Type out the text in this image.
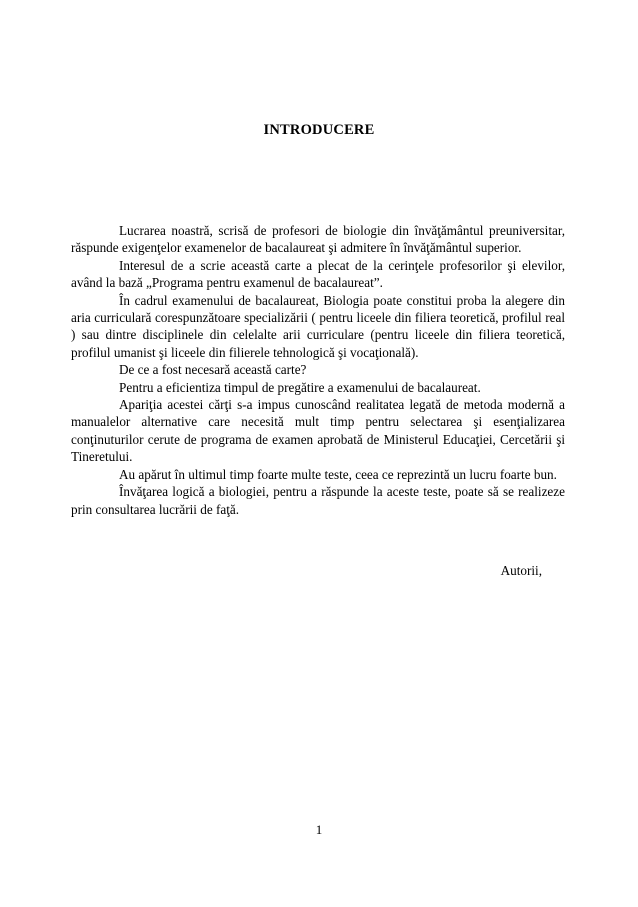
INTRODUCERE

Lucrarea noastră, scrisă de profesori de biologie din învăţământul preuniversitar, răspunde exigenţelor examenelor de bacalaureat şi admitere în învăţământul superior.

Interesul de a scrie această carte a plecat de la cerinţele profesorilor şi elevilor, având la bază „Programa pentru examenul de bacalaureat”.

În cadrul examenului de bacalaureat, Biologia poate constitui proba la alegere din aria curriculară corespunzătoare specializării ( pentru liceele din filiera teoretică, profilul real ) sau dintre disciplinele din celelalte arii curriculare (pentru liceele din filiera teoretică, profilul umanist şi liceele din filierele tehnologică şi vocaţională).

De ce a fost necesară această carte?

Pentru a eficientiza timpul de pregătire a examenului de bacalaureat.

Apariţia acestei cărţi s-a impus cunoscând realitatea legată de metoda modernă a manualelor alternative care necesită mult timp pentru selectarea şi esenţializarea conţinuturilor cerute de programa de examen aprobată de Ministerul Educaţiei, Cercetării şi Tineretului.

Au apărut în ultimul timp foarte multe teste, ceea ce reprezintă un lucru foarte bun.

Învăţarea logică a biologiei, pentru a răspunde la aceste teste, poate să se realizeze prin consultarea lucrării de faţă.

Autorii,
1
